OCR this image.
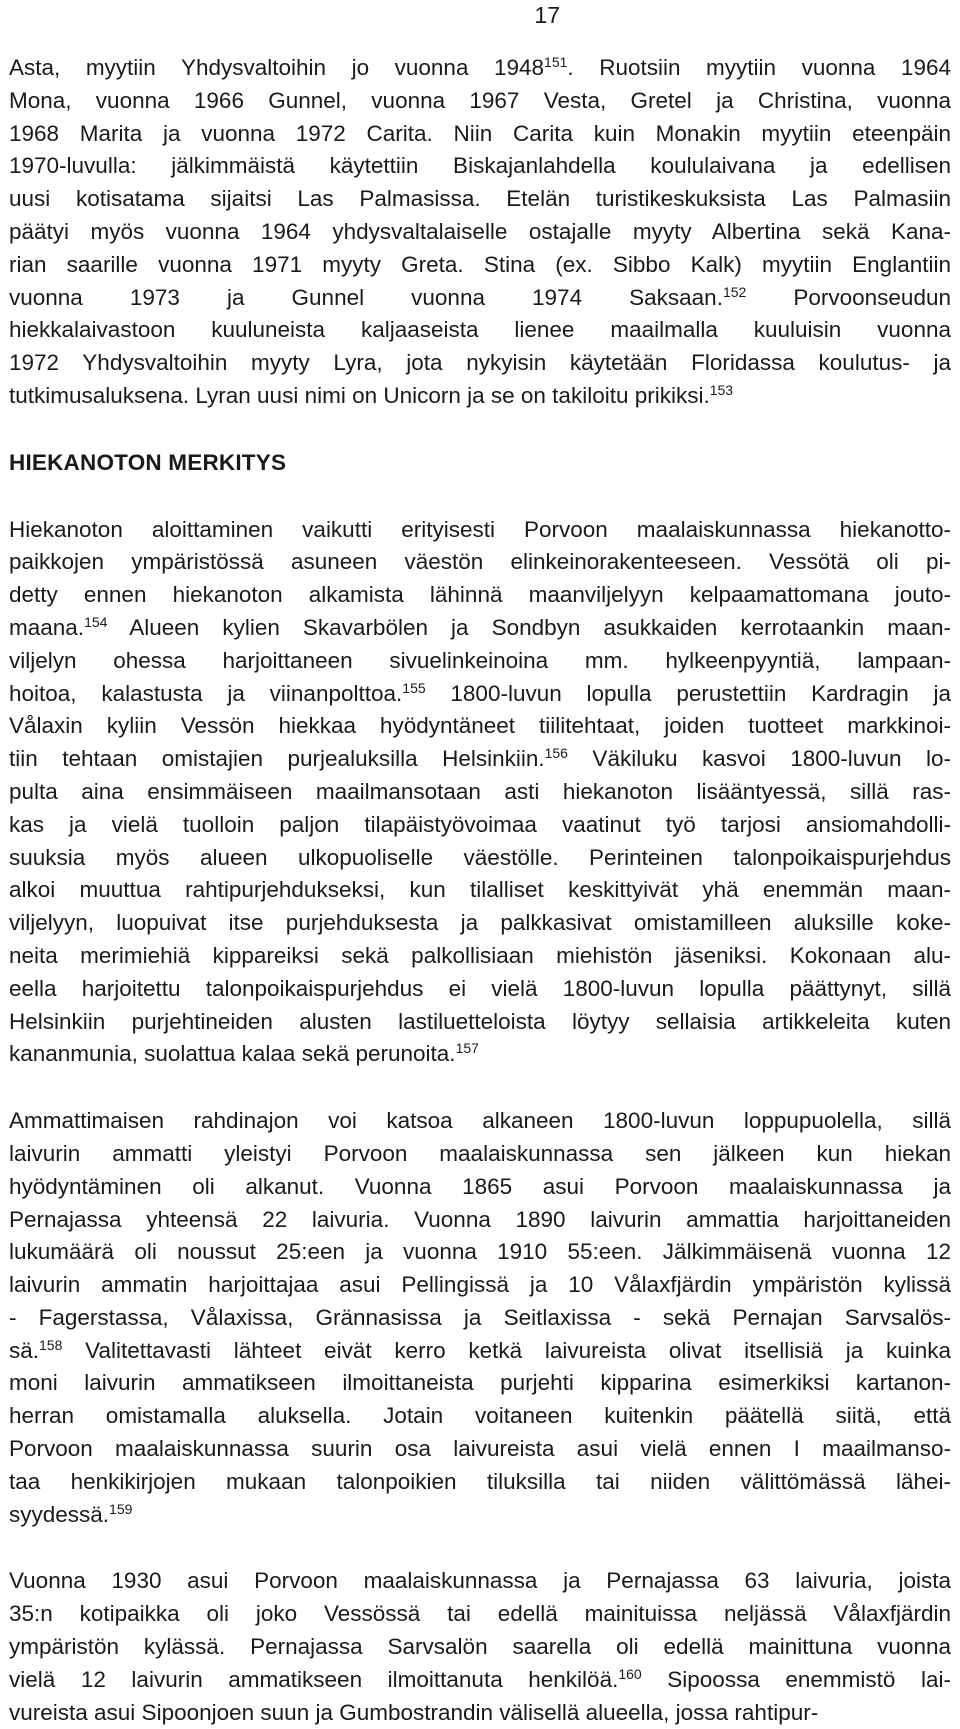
17
Asta, myytiin Yhdysvaltoihin jo vuonna 1948$^{151}$. Ruotsiin myytiin vuonna 1964
Mona, vuonna 1966 Gunnel, vuonna 1967 Vesta, Gretel ja Christina, vuonna
1968 Marita ja vuonna 1972 Carita. Niin Carita kuin Monakin myytiin eteenpäin
1970-luvulla: jälkimmäistä käytettiin Biskajanlahdella koululaivana ja edellisen
uusi kotisatama sijaitsi Las Palmasissa. Etelän turistikeskuksista Las Palmasiin
päätyi myös vuonna 1964 yhdysvaltalaiselle ostajalle myyty Albertina sekä Kana-
rian saarille vuonna 1971 myyty Greta. Stina (ex. Sibbo Kalk) myytiin Englantiin
vuonna 1973 ja Gunnel vuonna 1974 Saksaan.$^{152}$ Porvoonseudun
hiekkalaivastoon kuuluneista kaljaaseista lienee maailmalla kuuluisin vuonna
1972 Yhdysvaltoihin myyty Lyra, jota nykyisin käytetään Floridassa koulutus- ja
tutkimusaluksena. Lyran uusi nimi on Unicorn ja se on takiloitu prikiksi.$^{153}$
HIEKANOTON MERKITYS
Hiekanoton aloittaminen vaikutti erityisesti Porvoon maalaiskunnassa hiekanotto-
paikkojen ympäristössä asuneen väestön elinkeinorakenteeseen. Vessötä oli pi-
detty ennen hiekanoton alkamista lähinnä maanviljelyyn kelpaamattomana jouto-
maana.$^{154}$ Alueen kylien Skavarbölen ja Sondbyn asukkaiden kerrotaankin maan-
viljelyn ohessa harjoittaneen sivuelinkeinoina mm. hylkeenpyyntiä, lampaan-
hoitoa, kalastusta ja viinanpolttoa.$^{155}$ 1800-luvun lopulla perustettiin Kardragin ja
Vålaxin kyliin Vessön hiekkaa hyödyntäneet tiilitehtaat, joiden tuotteet markkinoi-
tiin tehtaan omistajien purjealuksilla Helsinkiin.$^{156}$ Väkiluku kasvoi 1800-luvun lo-
pulta aina ensimmäiseen maailmansotaan asti hiekanoton lisääntyessä, sillä ras-
kas ja vielä tuolloin paljon tilapäistyövoimaa vaatinut työ tarjosi ansiomahdolli-
suuksia myös alueen ulkopuoliselle väestölle. Perinteinen talonpoikaispurjehdus
alkoi muuttua rahtipurjehdukseksi, kun tilalliset keskittyivät yhä enemmän maan-
viljelyyn, luopuivat itse purjehduksesta ja palkkasivat omistamilleen aluksille koke-
neita merimiehiä kippareiksi sekä palkollisiaan miehistön jäseniksi. Kokonaan alu-
eella harjoitettu talonpoikaispurjehdus ei vielä 1800-luvun lopulla päättynyt, sillä
Helsinkiin purjehtineiden alusten lastiluetteloista löytyy sellaisia artikkeleita kuten
kananmunia, suolattua kalaa sekä perunoita.$^{157}$
Ammattimaisen rahdinajon voi katsoa alkaneen 1800-luvun loppupuolella, sillä
laivurin ammatti yleistyi Porvoon maalaiskunnassa sen jälkeen kun hiekan
hyödyntäminen oli alkanut. Vuonna 1865 asui Porvoon maalaiskunnassa ja
Pernajassa yhteensä 22 laivuria. Vuonna 1890 laivurin ammattia harjoittaneiden
lukumäärä oli noussut 25:een ja vuonna 1910 55:een. Jälkimmäisenä vuonna 12
laivurin ammatin harjoittajaa asui Pellingissä ja 10 Vålaxfjärdin ympäristön kylissä
- Fagerstassa, Vålaxissa, Grännasissa ja Seitlaxissa - sekä Pernajan Sarvsalös-
sä.$^{158}$ Valitettavasti lähteet eivät kerro ketkä laivureista olivat itsellisiä ja kuinka
moni laivurin ammatikseen ilmoittaneista purjehti kipparina esimerkiksi kartanon-
herran omistamalla aluksella. Jotain voitaneen kuitenkin päätellä siitä, että
Porvoon maalaiskunnassa suurin osa laivureista asui vielä ennen I maailmanso-
taa henkikirjojen mukaan talonpoikien tiluksilla tai niiden välittömässä lähei-
syydessä.$^{159}$
Vuonna 1930 asui Porvoon maalaiskunnassa ja Pernajassa 63 laivuria, joista
35:n kotipaikka oli joko Vessössä tai edellä mainituissa neljässä Vålaxfjärdin
ympäristön kylässä. Pernajassa Sarvsalön saarella oli edellä mainittuna vuonna
vielä 12 laivurin ammatikseen ilmoittanuta henkilöä.$^{160}$ Sipoossa enemmistö lai-
vureista asui Sipoonjoen suun ja Gumbostrandin välisellä alueella, jossa rahtipur-
